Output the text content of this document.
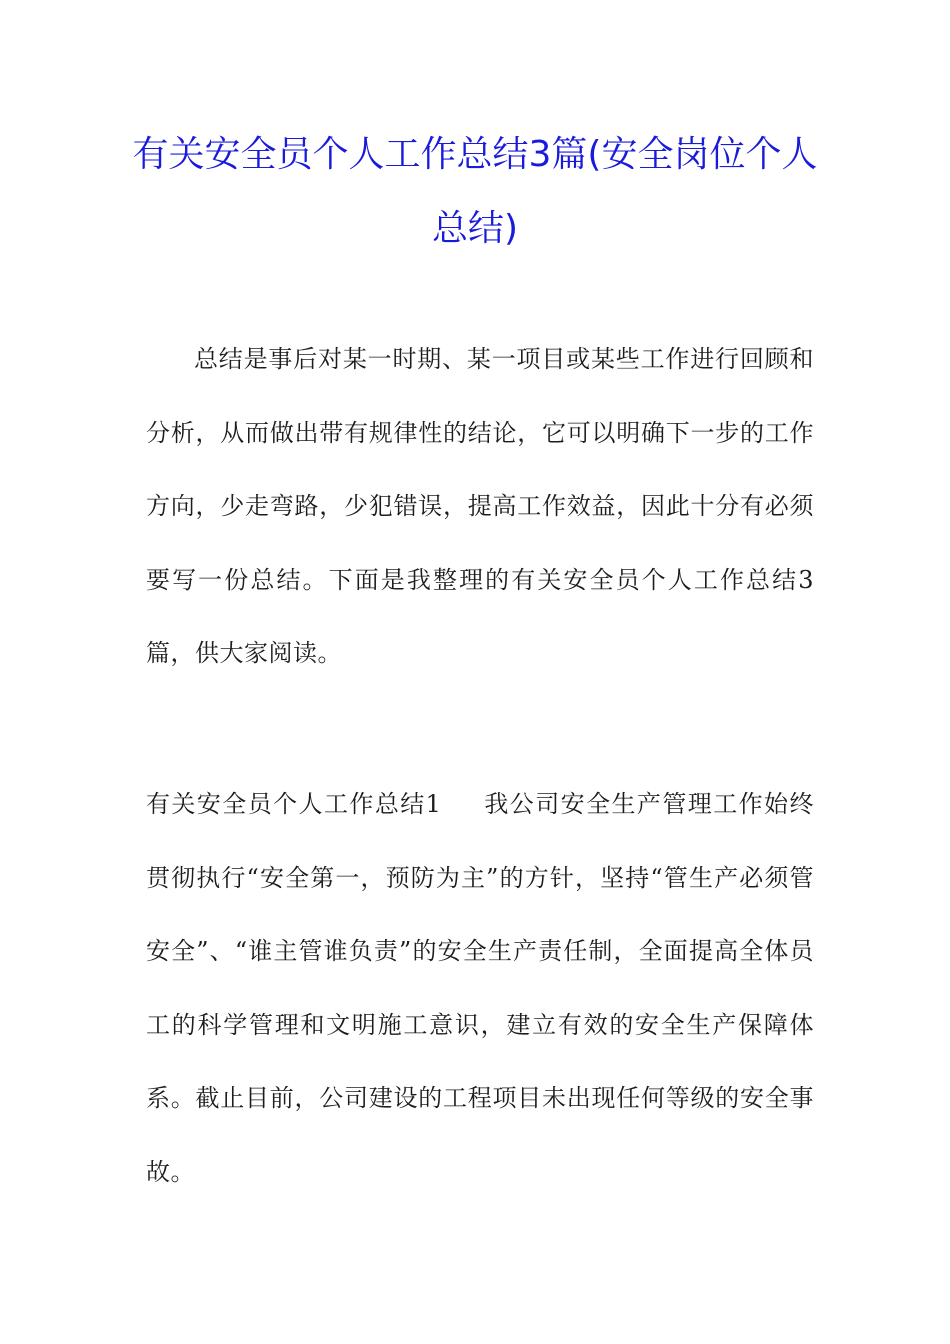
有关安全员个人工作总结3篇(安全岗位个人总结)

总结是事后对某一时期、某一项目或某些工作进行回顾和分析，从而做出带有规律性的结论，它可以明确下一步的工作方向，少走弯路，少犯错误，提高工作效益，因此十分有必须要写一份总结。下面是我整理的有关安全员个人工作总结3篇，供大家阅读。

有关安全员个人工作总结1 我公司安全生产管理工作始终贯彻执行“安全第一，预防为主”的方针，坚持“管生产必须管安全”、“谁主管谁负责”的安全生产责任制，全面提高全体员工的科学管理和文明施工意识，建立有效的安全生产保障体系。截止目前，公司建设的工程项目未出现任何等级的安全事故。
